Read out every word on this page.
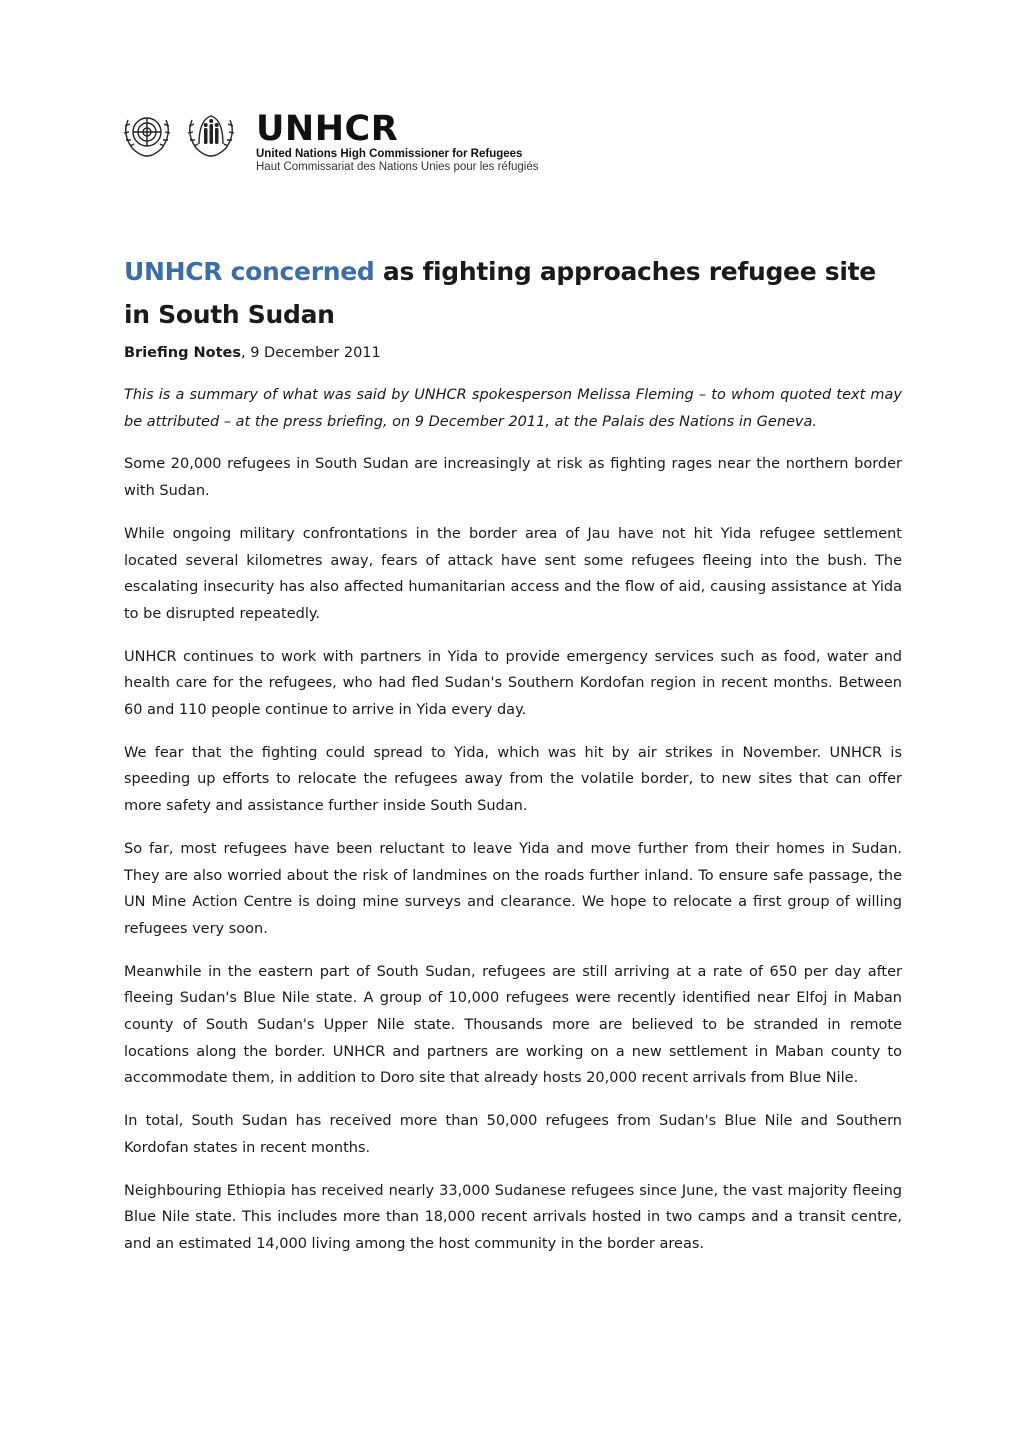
UNHCR
United Nations High Commissioner for Refugees
Haut Commissariat des Nations Unies pour les réfugiés
UNHCR concerned as fighting approaches refugee site in South Sudan
Briefing Notes, 9 December 2011

This is a summary of what was said by UNHCR spokesperson Melissa Fleming – to whom quoted text may be attributed – at the press briefing, on 9 December 2011, at the Palais des Nations in Geneva.

Some 20,000 refugees in South Sudan are increasingly at risk as fighting rages near the northern border with Sudan.

While ongoing military confrontations in the border area of Jau have not hit Yida refugee settlement located several kilometres away, fears of attack have sent some refugees fleeing into the bush. The escalating insecurity has also affected humanitarian access and the flow of aid, causing assistance at Yida to be disrupted repeatedly.

UNHCR continues to work with partners in Yida to provide emergency services such as food, water and health care for the refugees, who had fled Sudan's Southern Kordofan region in recent months. Between 60 and 110 people continue to arrive in Yida every day.

We fear that the fighting could spread to Yida, which was hit by air strikes in November. UNHCR is speeding up efforts to relocate the refugees away from the volatile border, to new sites that can offer more safety and assistance further inside South Sudan.

So far, most refugees have been reluctant to leave Yida and move further from their homes in Sudan. They are also worried about the risk of landmines on the roads further inland. To ensure safe passage, the UN Mine Action Centre is doing mine surveys and clearance. We hope to relocate a first group of willing refugees very soon.

Meanwhile in the eastern part of South Sudan, refugees are still arriving at a rate of 650 per day after fleeing Sudan's Blue Nile state. A group of 10,000 refugees were recently identified near Elfoj in Maban county of South Sudan's Upper Nile state. Thousands more are believed to be stranded in remote locations along the border. UNHCR and partners are working on a new settlement in Maban county to accommodate them, in addition to Doro site that already hosts 20,000 recent arrivals from Blue Nile.

In total, South Sudan has received more than 50,000 refugees from Sudan's Blue Nile and Southern Kordofan states in recent months.

Neighbouring Ethiopia has received nearly 33,000 Sudanese refugees since June, the vast majority fleeing Blue Nile state. This includes more than 18,000 recent arrivals hosted in two camps and a transit centre, and an estimated 14,000 living among the host community in the border areas.
